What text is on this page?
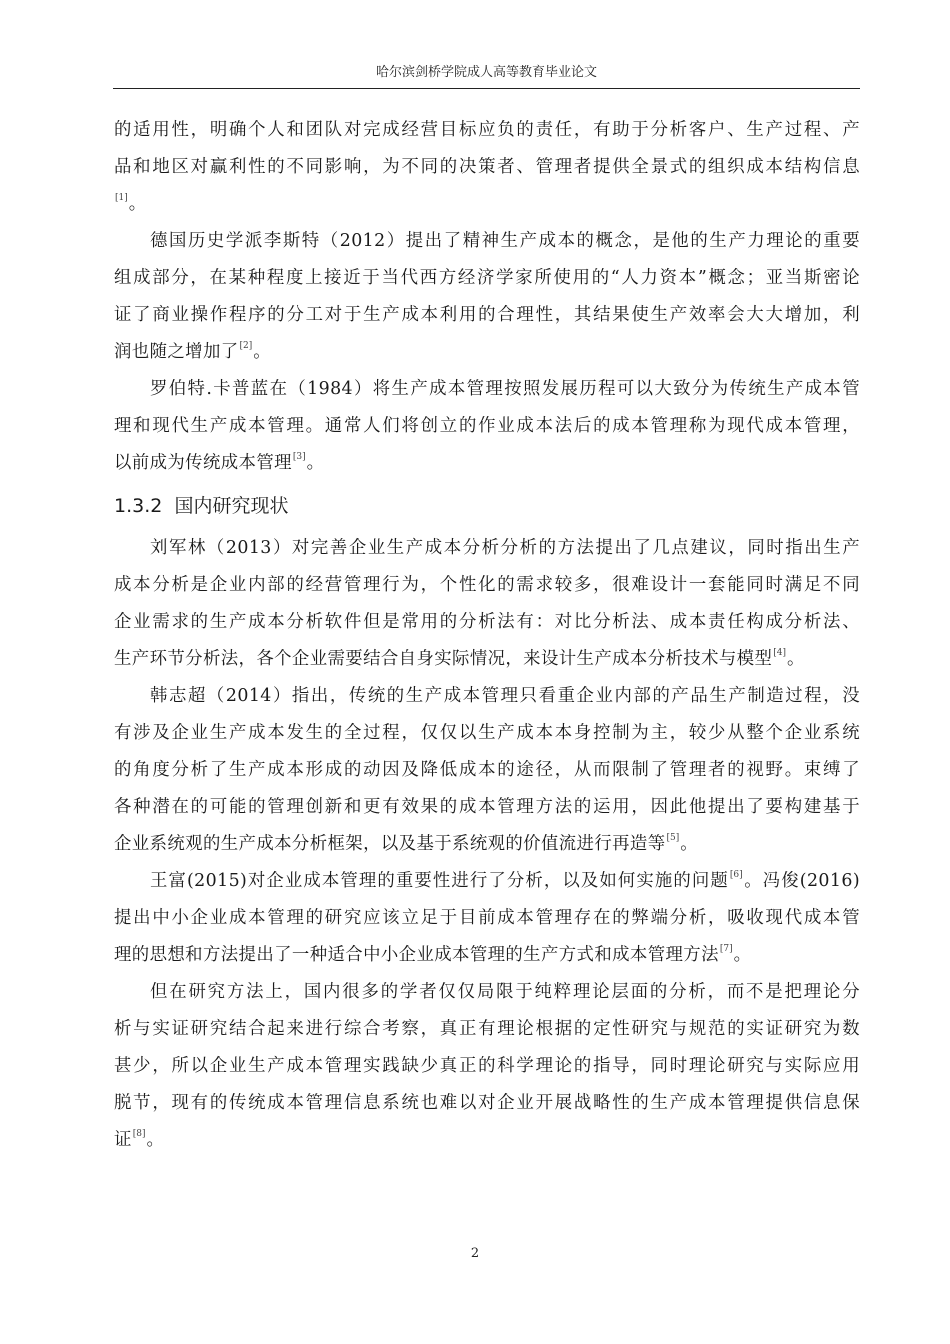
哈尔滨剑桥学院成人高等教育毕业论文
的适用性，明确个人和团队对完成经营目标应负的责任，有助于分析客户、生产过程、产
品和地区对赢利性的不同影响，为不同的决策者、管理者提供全景式的组织成本结构信息
[1]。
德国历史学派李斯特（2012）提出了精神生产成本的概念，是他的生产力理论的重要
组成部分，在某种程度上接近于当代西方经济学家所使用的“人力资本”概念；亚当斯密论
证了商业操作程序的分工对于生产成本利用的合理性，其结果使生产效率会大大增加，利
润也随之增加了[2]。
罗伯特.卡普蓝在（1984）将生产成本管理按照发展历程可以大致分为传统生产成本管
理和现代生产成本管理。通常人们将创立的作业成本法后的成本管理称为现代成本管理，
以前成为传统成本管理[3]。
1.3.2 国内研究现状
刘军林（2013）对完善企业生产成本分析分析的方法提出了几点建议，同时指出生产
成本分析是企业内部的经营管理行为，个性化的需求较多，很难设计一套能同时满足不同
企业需求的生产成本分析软件但是常用的分析法有：对比分析法、成本责任构成分析法、
生产环节分析法，各个企业需要结合自身实际情况，来设计生产成本分析技术与模型[4]。
韩志超（2014）指出，传统的生产成本管理只看重企业内部的产品生产制造过程，没
有涉及企业生产成本发生的全过程，仅仅以生产成本本身控制为主，较少从整个企业系统
的角度分析了生产成本形成的动因及降低成本的途径，从而限制了管理者的视野。束缚了
各种潜在的可能的管理创新和更有效果的成本管理方法的运用，因此他提出了要构建基于
企业系统观的生产成本分析框架，以及基于系统观的价值流进行再造等[5]。
王富(2015)对企业成本管理的重要性进行了分析，以及如何实施的问题[6]。冯俊(2016)
提出中小企业成本管理的研究应该立足于目前成本管理存在的弊端分析，吸收现代成本管
理的思想和方法提出了一种适合中小企业成本管理的生产方式和成本管理方法[7]。
但在研究方法上，国内很多的学者仅仅局限于纯粹理论层面的分析，而不是把理论分
析与实证研究结合起来进行综合考察，真正有理论根据的定性研究与规范的实证研究为数
甚少，所以企业生产成本管理实践缺少真正的科学理论的指导，同时理论研究与实际应用
脱节，现有的传统成本管理信息系统也难以对企业开展战略性的生产成本管理提供信息保
证[8]。
2
